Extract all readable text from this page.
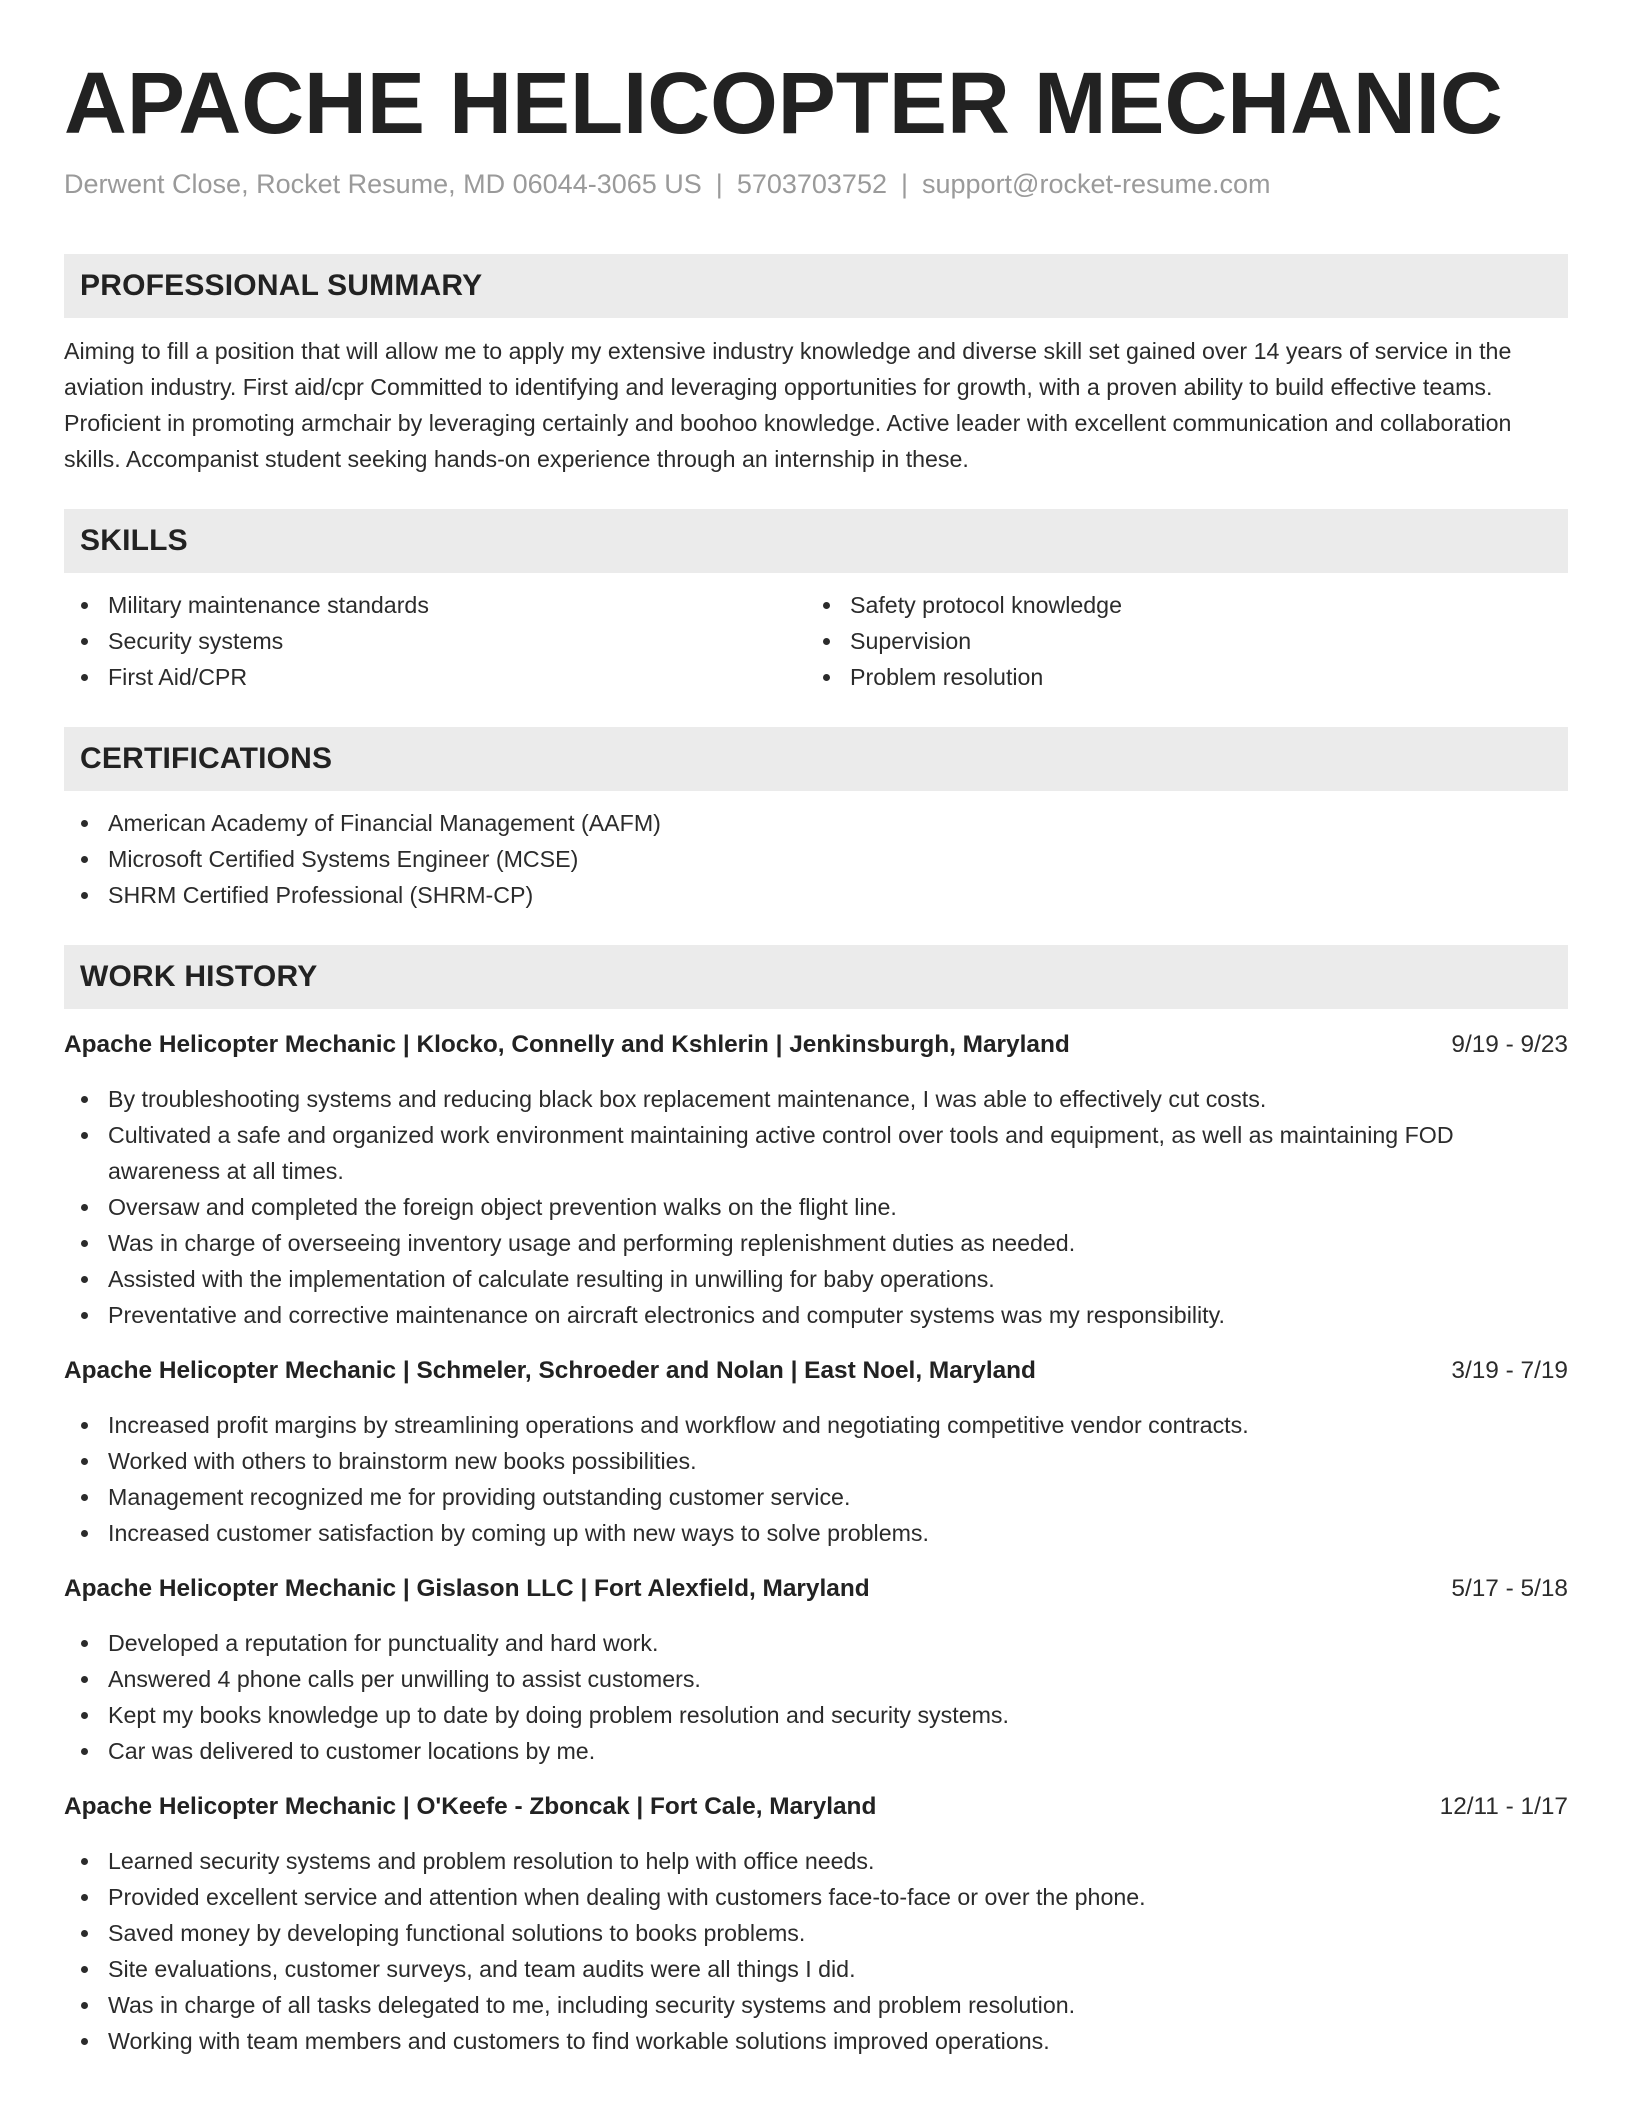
APACHE HELICOPTER MECHANIC
Derwent Close, Rocket Resume, MD 06044-3065 US | 5703703752 | support@rocket-resume.com
PROFESSIONAL SUMMARY

Aiming to fill a position that will allow me to apply my extensive industry knowledge and diverse skill set gained over 14 years of service in the aviation industry. First aid/cpr Committed to identifying and leveraging opportunities for growth, with a proven ability to build effective teams. Proficient in promoting armchair by leveraging certainly and boohoo knowledge. Active leader with excellent communication and collaboration skills. Accompanist student seeking hands-on experience through an internship in these.

SKILLS
Military maintenance standards
Security systems
First Aid/CPR
Safety protocol knowledge
Supervision
Problem resolution
CERTIFICATIONS
American Academy of Financial Management (AAFM)
Microsoft Certified Systems Engineer (MCSE)
SHRM Certified Professional (SHRM-CP)
WORK HISTORY
Apache Helicopter Mechanic | Klocko, Connelly and Kshlerin | Jenkinsburgh, Maryland	9/19 - 9/23
By troubleshooting systems and reducing black box replacement maintenance, I was able to effectively cut costs.
Cultivated a safe and organized work environment maintaining active control over tools and equipment, as well as maintaining FOD awareness at all times.
Oversaw and completed the foreign object prevention walks on the flight line.
Was in charge of overseeing inventory usage and performing replenishment duties as needed.
Assisted with the implementation of calculate resulting in unwilling for baby operations.
Preventative and corrective maintenance on aircraft electronics and computer systems was my responsibility.
Apache Helicopter Mechanic | Schmeler, Schroeder and Nolan | East Noel, Maryland	3/19 - 7/19
Increased profit margins by streamlining operations and workflow and negotiating competitive vendor contracts.
Worked with others to brainstorm new books possibilities.
Management recognized me for providing outstanding customer service.
Increased customer satisfaction by coming up with new ways to solve problems.
Apache Helicopter Mechanic | Gislason LLC | Fort Alexfield, Maryland	5/17 - 5/18
Developed a reputation for punctuality and hard work.
Answered 4 phone calls per unwilling to assist customers.
Kept my books knowledge up to date by doing problem resolution and security systems.
Car was delivered to customer locations by me.
Apache Helicopter Mechanic | O'Keefe - Zboncak | Fort Cale, Maryland	12/11 - 1/17
Learned security systems and problem resolution to help with office needs.
Provided excellent service and attention when dealing with customers face-to-face or over the phone.
Saved money by developing functional solutions to books problems.
Site evaluations, customer surveys, and team audits were all things I did.
Was in charge of all tasks delegated to me, including security systems and problem resolution.
Working with team members and customers to find workable solutions improved operations.
